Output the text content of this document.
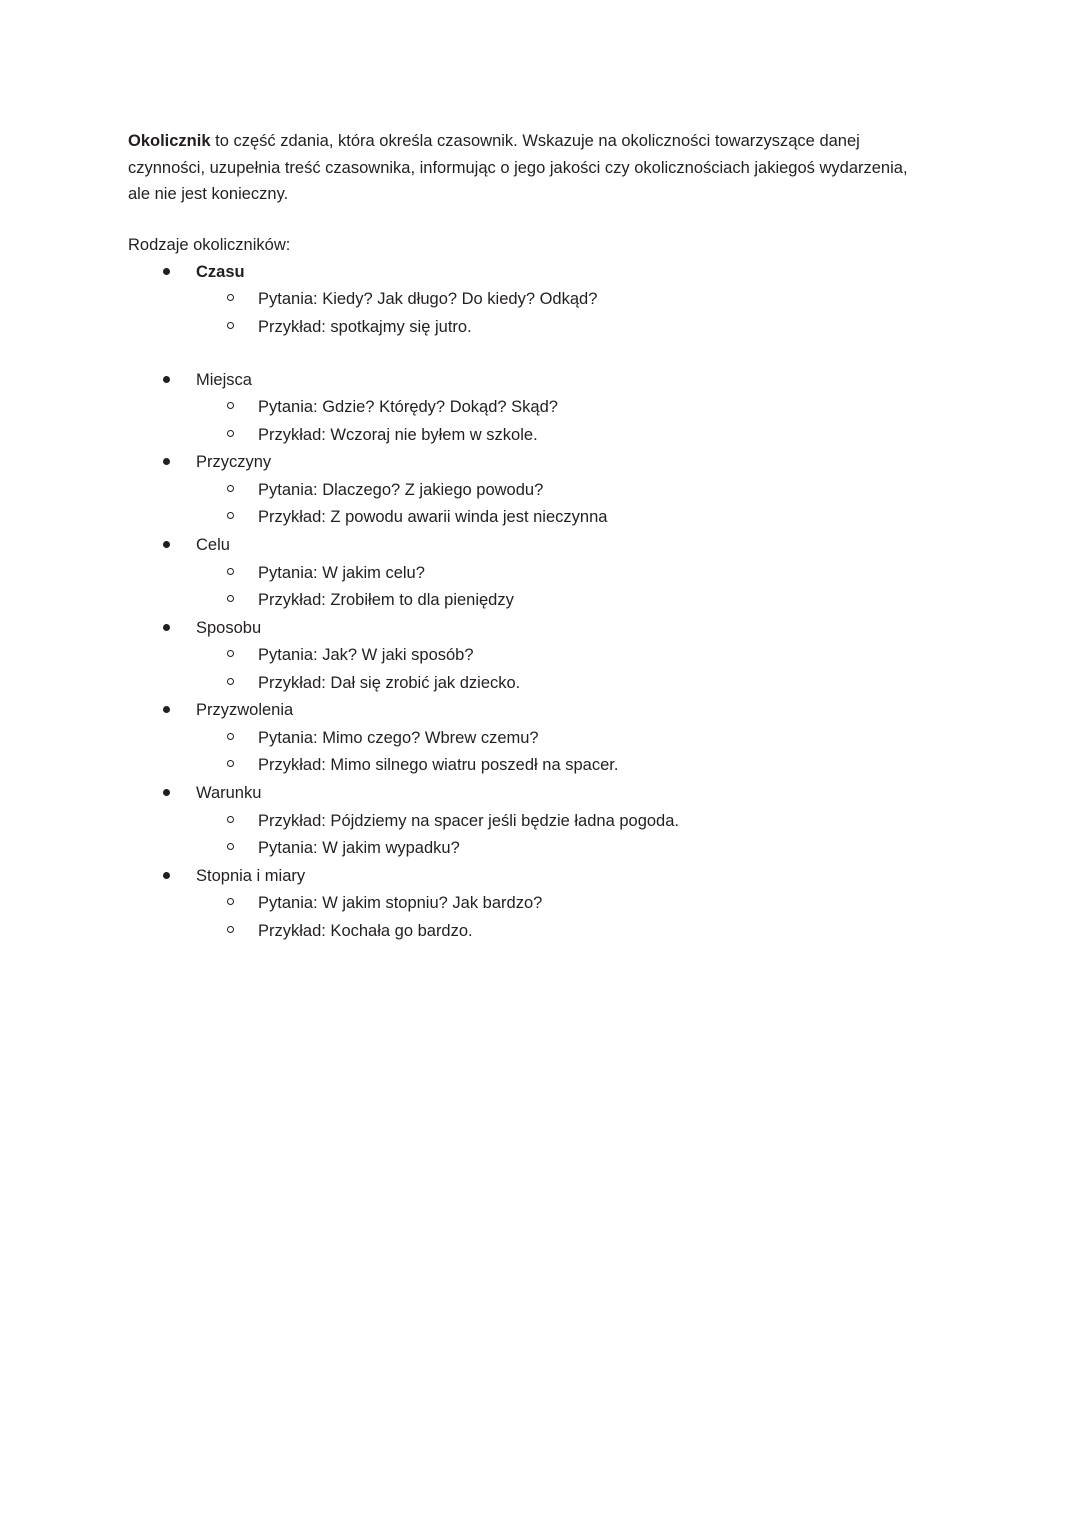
Okolicznik to część zdania, która określa czasownik. Wskazuje na okoliczności towarzyszące danej czynności, uzupełnia treść czasownika, informując o jego jakości czy okolicznościach jakiegoś wydarzenia, ale nie jest konieczny.

Rodzaje okoliczników:

Czasu
Pytania: Kiedy? Jak długo? Do kiedy? Odkąd?
Przykład: spotkajmy się jutro.
Miejsca
Pytania: Gdzie? Którędy? Dokąd? Skąd?
Przykład: Wczoraj nie byłem w szkole.
Przyczyny
Pytania: Dlaczego? Z jakiego powodu?
Przykład: Z powodu awarii winda jest nieczynna
Celu
Pytania: W jakim celu?
Przykład: Zrobiłem to dla pieniędzy
Sposobu
Pytania: Jak? W jaki sposób?
Przykład: Dał się zrobić jak dziecko.
Przyzwolenia
Pytania: Mimo czego? Wbrew czemu?
Przykład: Mimo silnego wiatru poszedł na spacer.
Warunku
Przykład: Pójdziemy na spacer jeśli będzie ładna pogoda.
Pytania: W jakim wypadku?
Stopnia i miary
Pytania: W jakim stopniu? Jak bardzo?
Przykład: Kochała go bardzo.
